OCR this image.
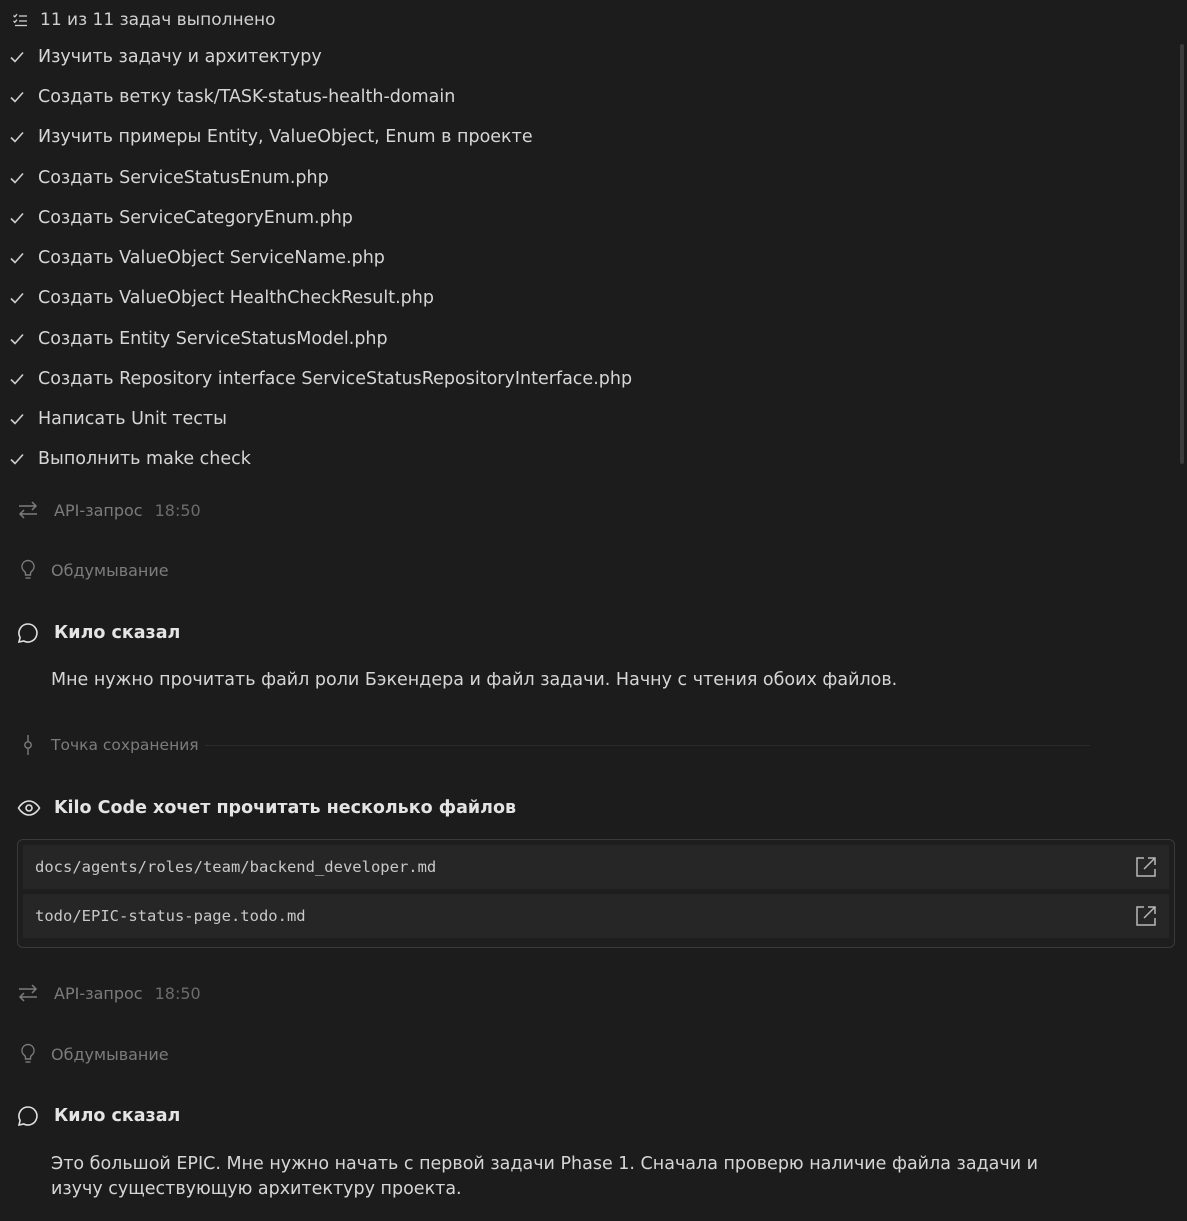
11 из 11 задач выполнено
Изучить задачу и архитектуру
Создать ветку task/TASK-status-health-domain
Изучить примеры Entity, ValueObject, Enum в проекте
Создать ServiceStatusEnum.php
Создать ServiceCategoryEnum.php
Создать ValueObject ServiceName.php
Создать ValueObject HealthCheckResult.php
Создать Entity ServiceStatusModel.php
Создать Repository interface ServiceStatusRepositoryInterface.php
Написать Unit тесты
Выполнить make check
API-запрос 18:50
Обдумывание
Кило сказал
Мне нужно прочитать файл роли Бэкендера и файл задачи. Начну с чтения обоих файлов.
Точка сохранения
Kilo Code хочет прочитать несколько файлов
docs/agents/roles/team/backend_developer.md
todo/EPIC-status-page.todo.md
API-запрос 18:50
Обдумывание
Кило сказал
Это большой EPIC. Мне нужно начать с первой задачи Phase 1. Сначала проверю наличие файла задачи и изучу существующую архитектуру проекта.
